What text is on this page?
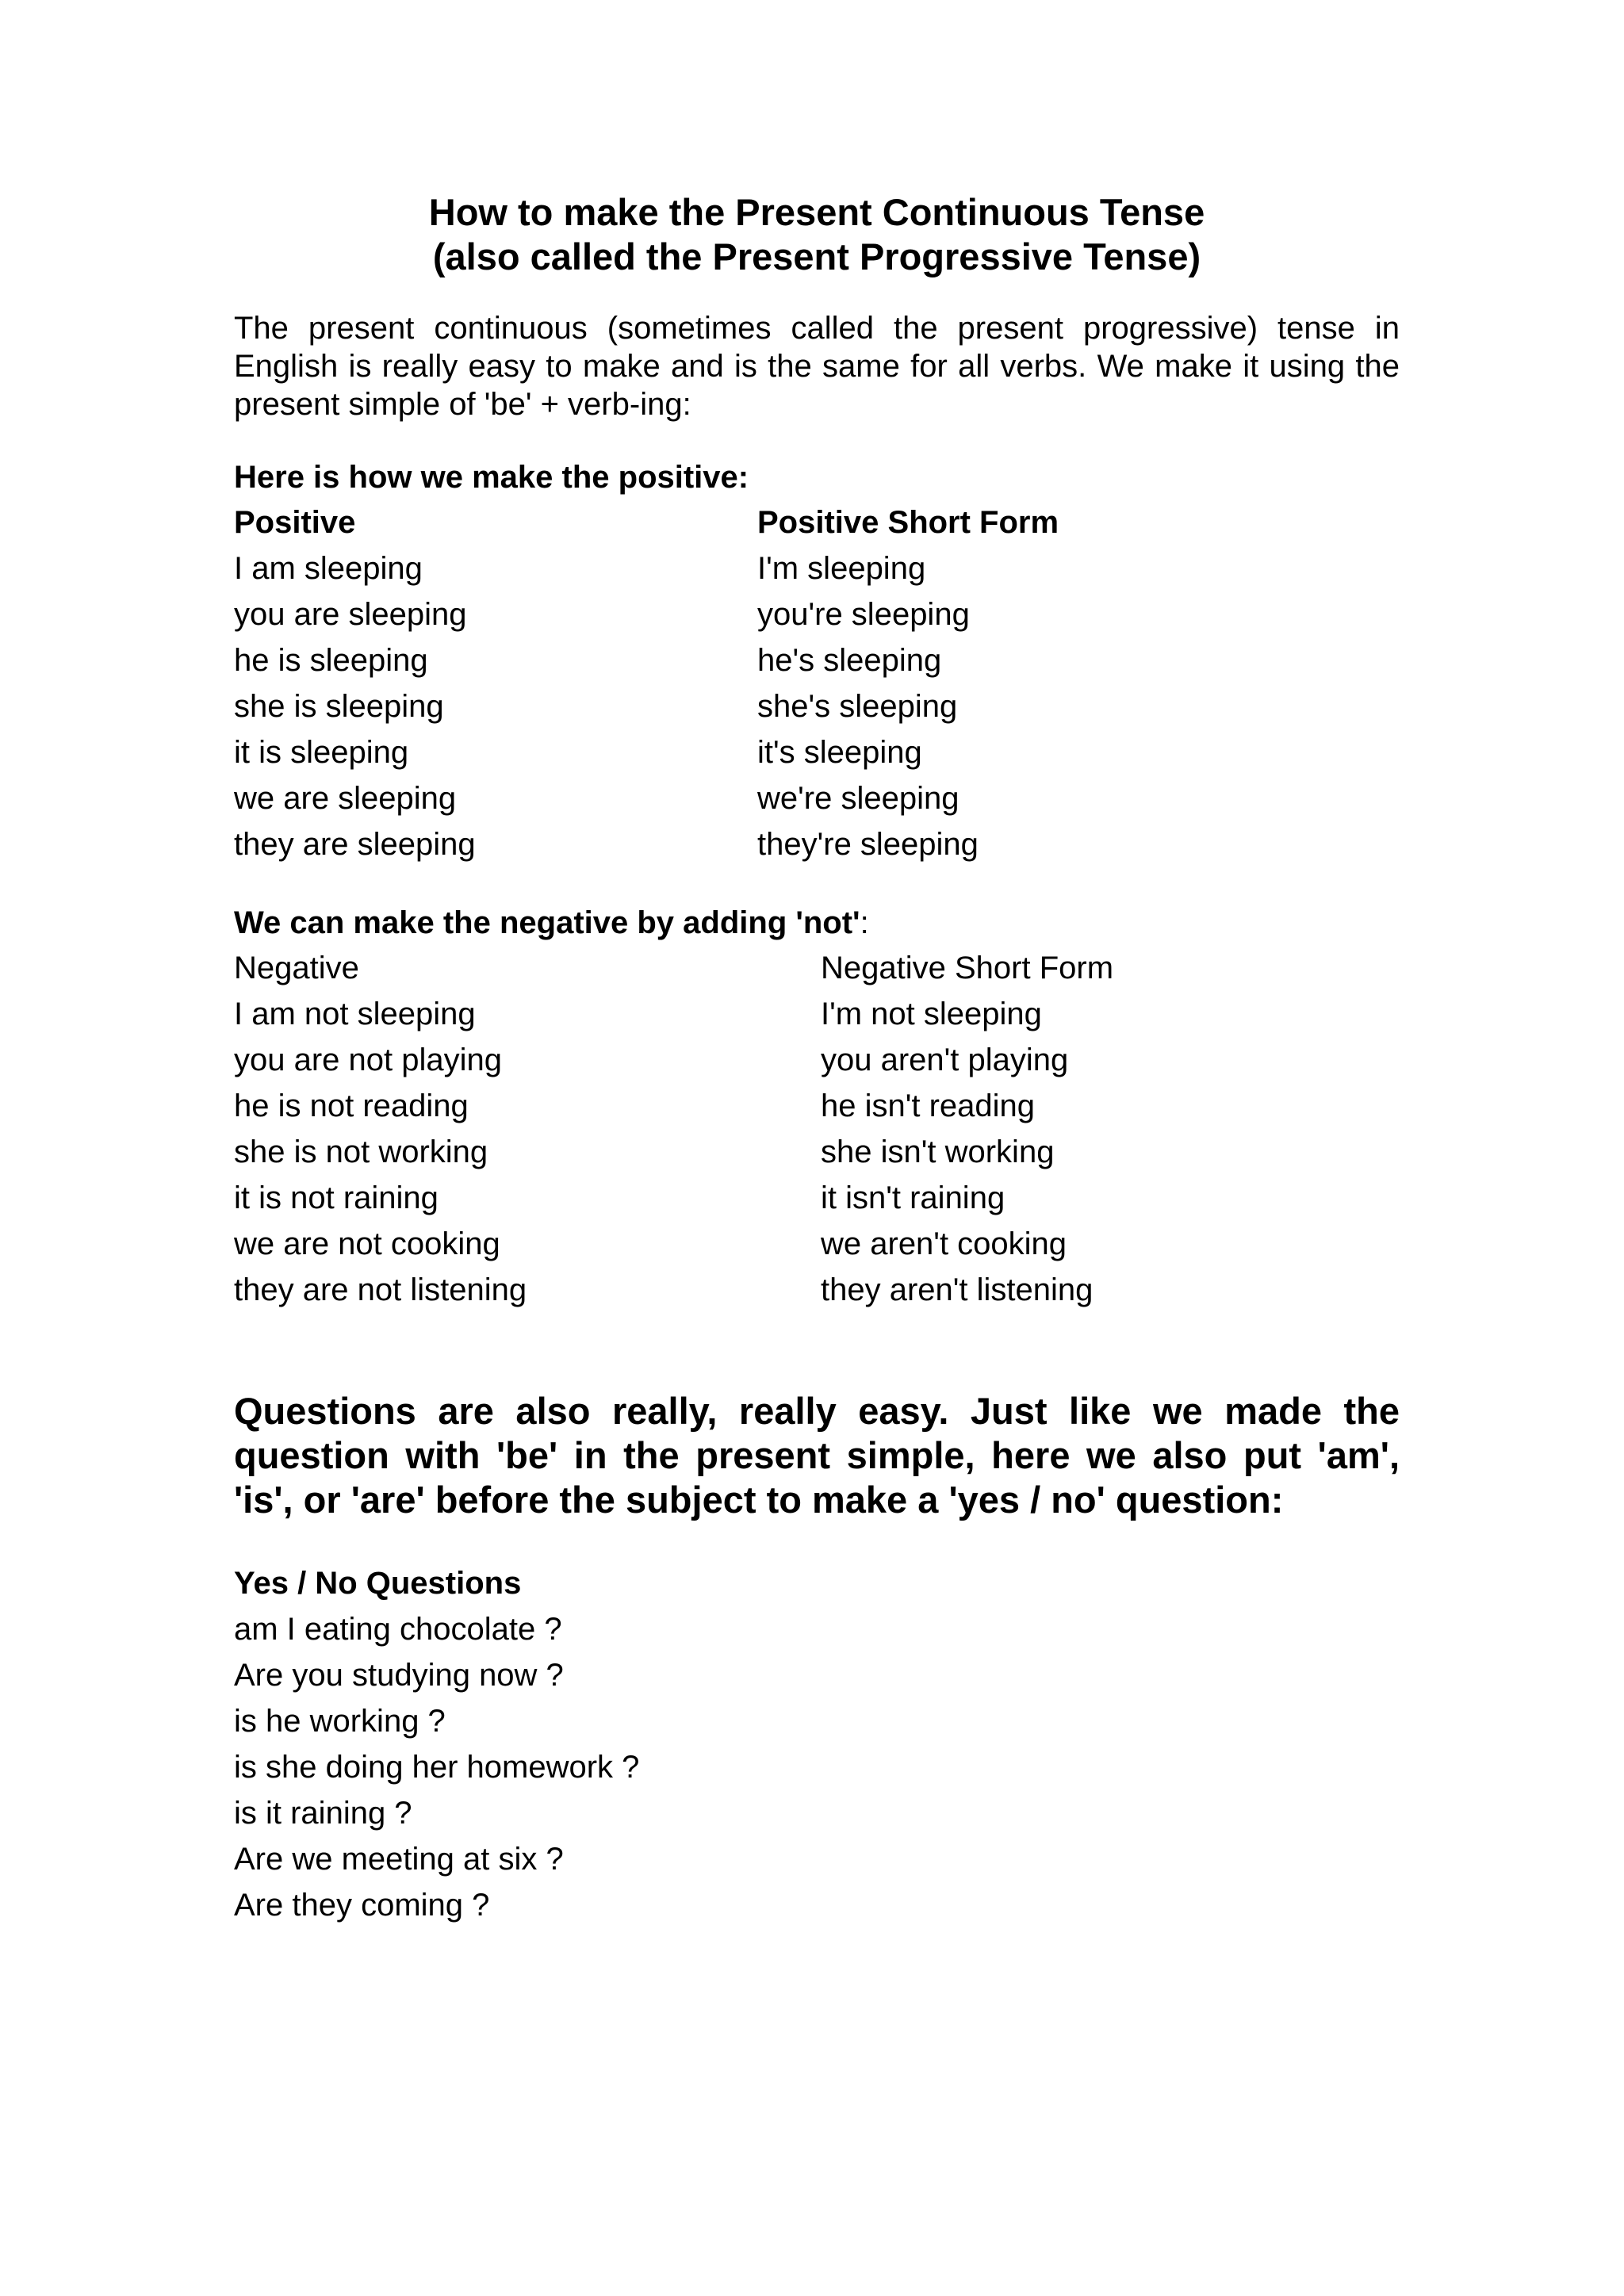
How to make the Present Continuous Tense
(also called the Present Progressive Tense)

The present continuous (sometimes called the present progressive) tense in English is really easy to make and is the same for all verbs. We make it using the present simple of 'be' + verb-ing:

Here is how we make the positive:

Positive	Positive Short Form
I am sleeping	I'm sleeping
you are sleeping	you're sleeping
he is sleeping	he's sleeping
she is sleeping	she's sleeping
it is sleeping	it's sleeping
we are sleeping	we're sleeping
they are sleeping	they're sleeping

We can make the negative by adding 'not':

Negative	Negative Short Form
I am not sleeping	I'm not sleeping
you are not playing	you aren't playing
he is not reading	he isn't reading
she is not working	she isn't working
it is not raining	it isn't raining
we are not cooking	we aren't cooking
they are not listening	they aren't listening

Questions are also really, really easy. Just like we made the question with 'be' in the present simple, here we also put 'am', 'is', or 'are' before the subject to make a 'yes / no' question:

Yes / No Questions
am I eating chocolate ?
Are you studying now ?
is he working ?
is she doing her homework ?
is it raining ?
Are we meeting at six ?
Are they coming ?
